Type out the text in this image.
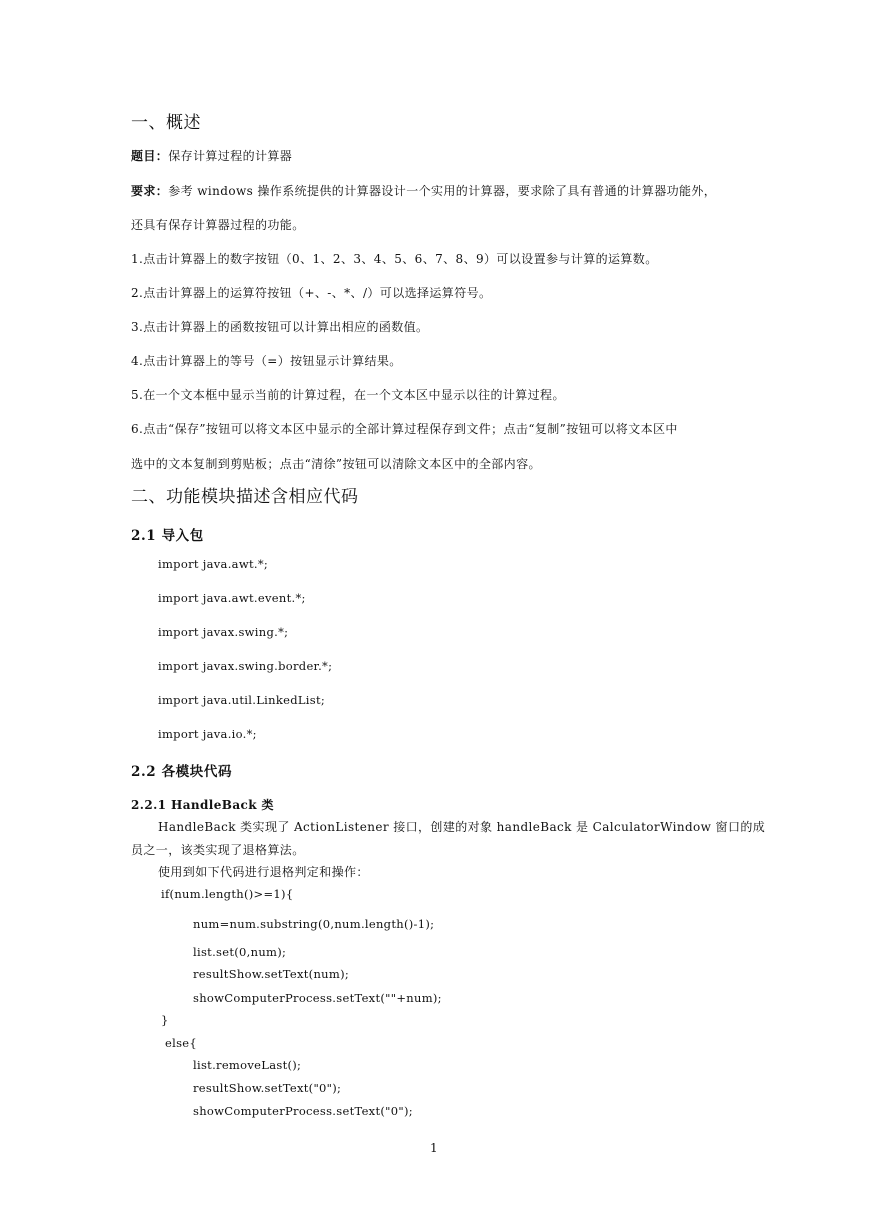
一、概述
题目：保存计算过程的计算器
要求：参考 windows 操作系统提供的计算器设计一个实用的计算器，要求除了具有普通的计算器功能外，
还具有保存计算器过程的功能。
1.点击计算器上的数字按钮（0、1、2、3、4、5、6、7、8、9）可以设置参与计算的运算数。
2.点击计算器上的运算符按钮（+、-、*、/）可以选择运算符号。
3.点击计算器上的函数按钮可以计算出相应的函数值。
4.点击计算器上的等号（=）按钮显示计算结果。
5.在一个文本框中显示当前的计算过程，在一个文本区中显示以往的计算过程。
6.点击“保存”按钮可以将文本区中显示的全部计算过程保存到文件；点击“复制”按钮可以将文本区中
选中的文本复制到剪贴板；点击“清徐”按钮可以清除文本区中的全部内容。
二、功能模块描述含相应代码
2.1 导入包
import java.awt.*;
import java.awt.event.*;
import javax.swing.*;
import javax.swing.border.*;
import java.util.LinkedList;
import java.io.*;
2.2 各模块代码
2.2.1 HandleBack 类
HandleBack 类实现了 ActionListener 接口，创建的对象 handleBack 是 CalculatorWindow 窗口的成
员之一，该类实现了退格算法。
使用到如下代码进行退格判定和操作：
if(num.length()>=1){
num=num.substring(0,num.length()-1);
list.set(0,num);
resultShow.setText(num);
showComputerProcess.setText(""+num);
}
else{
list.removeLast();
resultShow.setText("0");
showComputerProcess.setText("0");
1
